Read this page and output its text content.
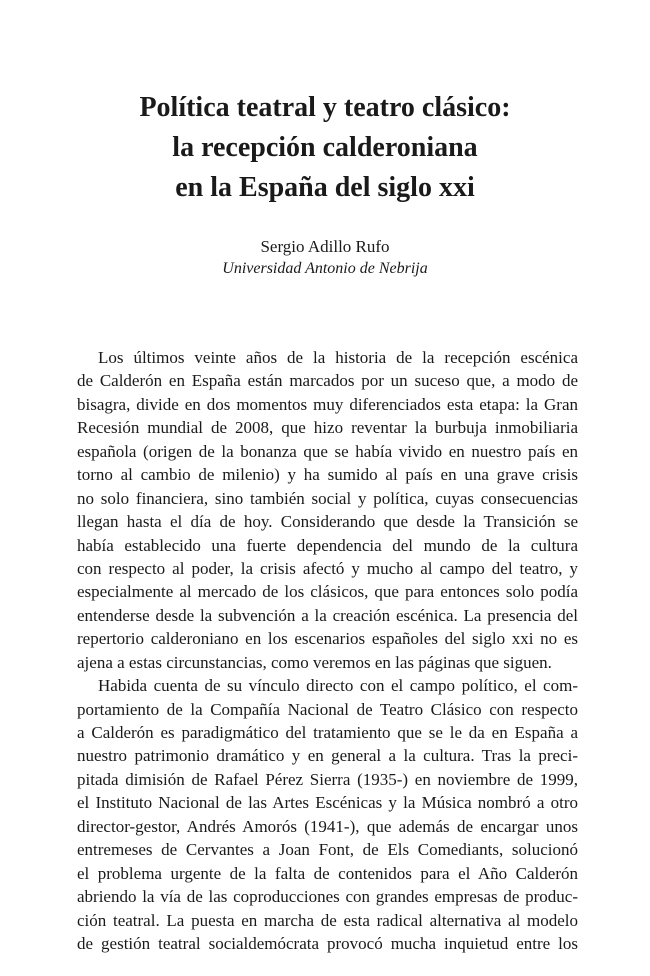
Política teatral y teatro clásico:
la recepción calderoniana
en la España del siglo xxi
Sergio Adillo Rufo
Universidad Antonio de Nebrija
Los últimos veinte años de la historia de la recepción escénica
de Calderón en España están marcados por un suceso que, a modo de
bisagra, divide en dos momentos muy diferenciados esta etapa: la Gran
Recesión mundial de 2008, que hizo reventar la burbuja inmobiliaria
española (origen de la bonanza que se había vivido en nuestro país en
torno al cambio de milenio) y ha sumido al país en una grave crisis
no solo financiera, sino también social y política, cuyas consecuencias
llegan hasta el día de hoy. Considerando que desde la Transición se
había establecido una fuerte dependencia del mundo de la cultura
con respecto al poder, la crisis afectó y mucho al campo del teatro, y
especialmente al mercado de los clásicos, que para entonces solo podía
entenderse desde la subvención a la creación escénica. La presencia del
repertorio calderoniano en los escenarios españoles del siglo xxi no es
ajena a estas circunstancias, como veremos en las páginas que siguen.
Habida cuenta de su vínculo directo con el campo político, el com-
portamiento de la Compañía Nacional de Teatro Clásico con respecto
a Calderón es paradigmático del tratamiento que se le da en España a
nuestro patrimonio dramático y en general a la cultura. Tras la preci-
pitada dimisión de Rafael Pérez Sierra (1935-) en noviembre de 1999,
el Instituto Nacional de las Artes Escénicas y la Música nombró a otro
director-gestor, Andrés Amorós (1941-), que además de encargar unos
entremeses de Cervantes a Joan Font, de Els Comediants, solucionó
el problema urgente de la falta de contenidos para el Año Calderón
abriendo la vía de las coproducciones con grandes empresas de produc-
ción teatral. La puesta en marcha de esta radical alternativa al modelo
de gestión teatral socialdemócrata provocó mucha inquietud entre los
